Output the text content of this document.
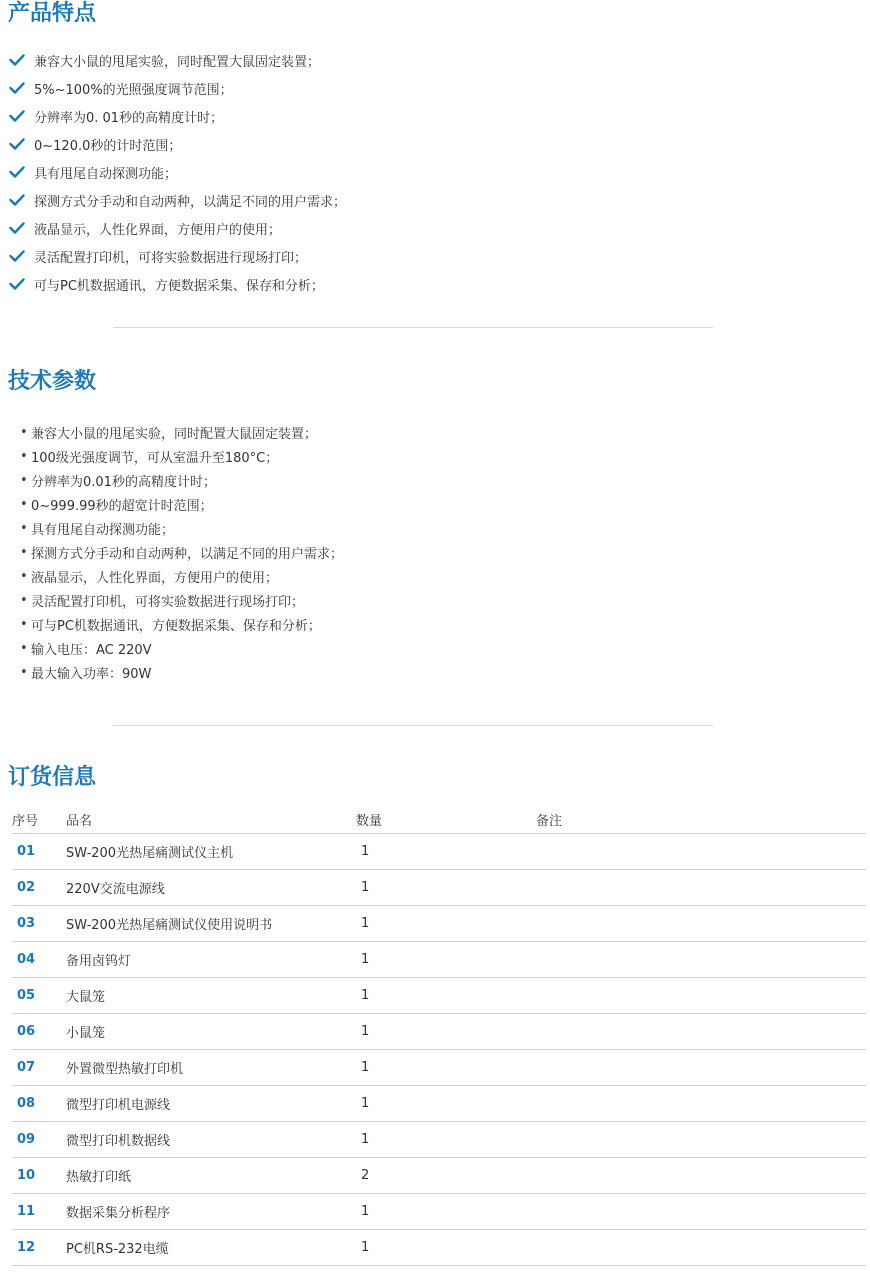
产品特点
兼容大小鼠的甩尾实验，同时配置大鼠固定装置；
5%~100%的光照强度调节范围；
分辨率为0. 01秒的高精度计时；
0~120.0秒的计时范围；
具有甩尾自动探测功能；
探测方式分手动和自动两种，以满足不同的用户需求；
液晶显示，人性化界面，方便用户的使用；
灵活配置打印机，可将实验数据进行现场打印；
可与PC机数据通讯，方便数据采集、保存和分析；
技术参数
• 兼容大小鼠的甩尾实验，同时配置大鼠固定装置；
• 100级光强度调节，可从室温升至180°C；
• 分辨率为0.01秒的高精度计时；
• 0~999.99秒的超宽计时范围；
• 具有甩尾自动探测功能；
• 探测方式分手动和自动两种，以满足不同的用户需求；
• 液晶显示，人性化界面，方便用户的使用；
• 灵活配置打印机，可将实验数据进行现场打印；
• 可与PC机数据通讯，方便数据采集、保存和分析；
• 输入电压：AC 220V
• 最大输入功率：90W
订货信息
序号	品名	数量	备注
01	SW-200光热尾痛测试仪主机	1	
02	220V交流电源线	1	
03	SW-200光热尾痛测试仪使用说明书	1	
04	备用卤钨灯	1	
05	大鼠笼	1	
06	小鼠笼	1	
07	外置微型热敏打印机	1	
08	微型打印机电源线	1	
09	微型打印机数据线	1	
10	热敏打印纸	2	
11	数据采集分析程序	1	
12	PC机RS-232电缆	1	
